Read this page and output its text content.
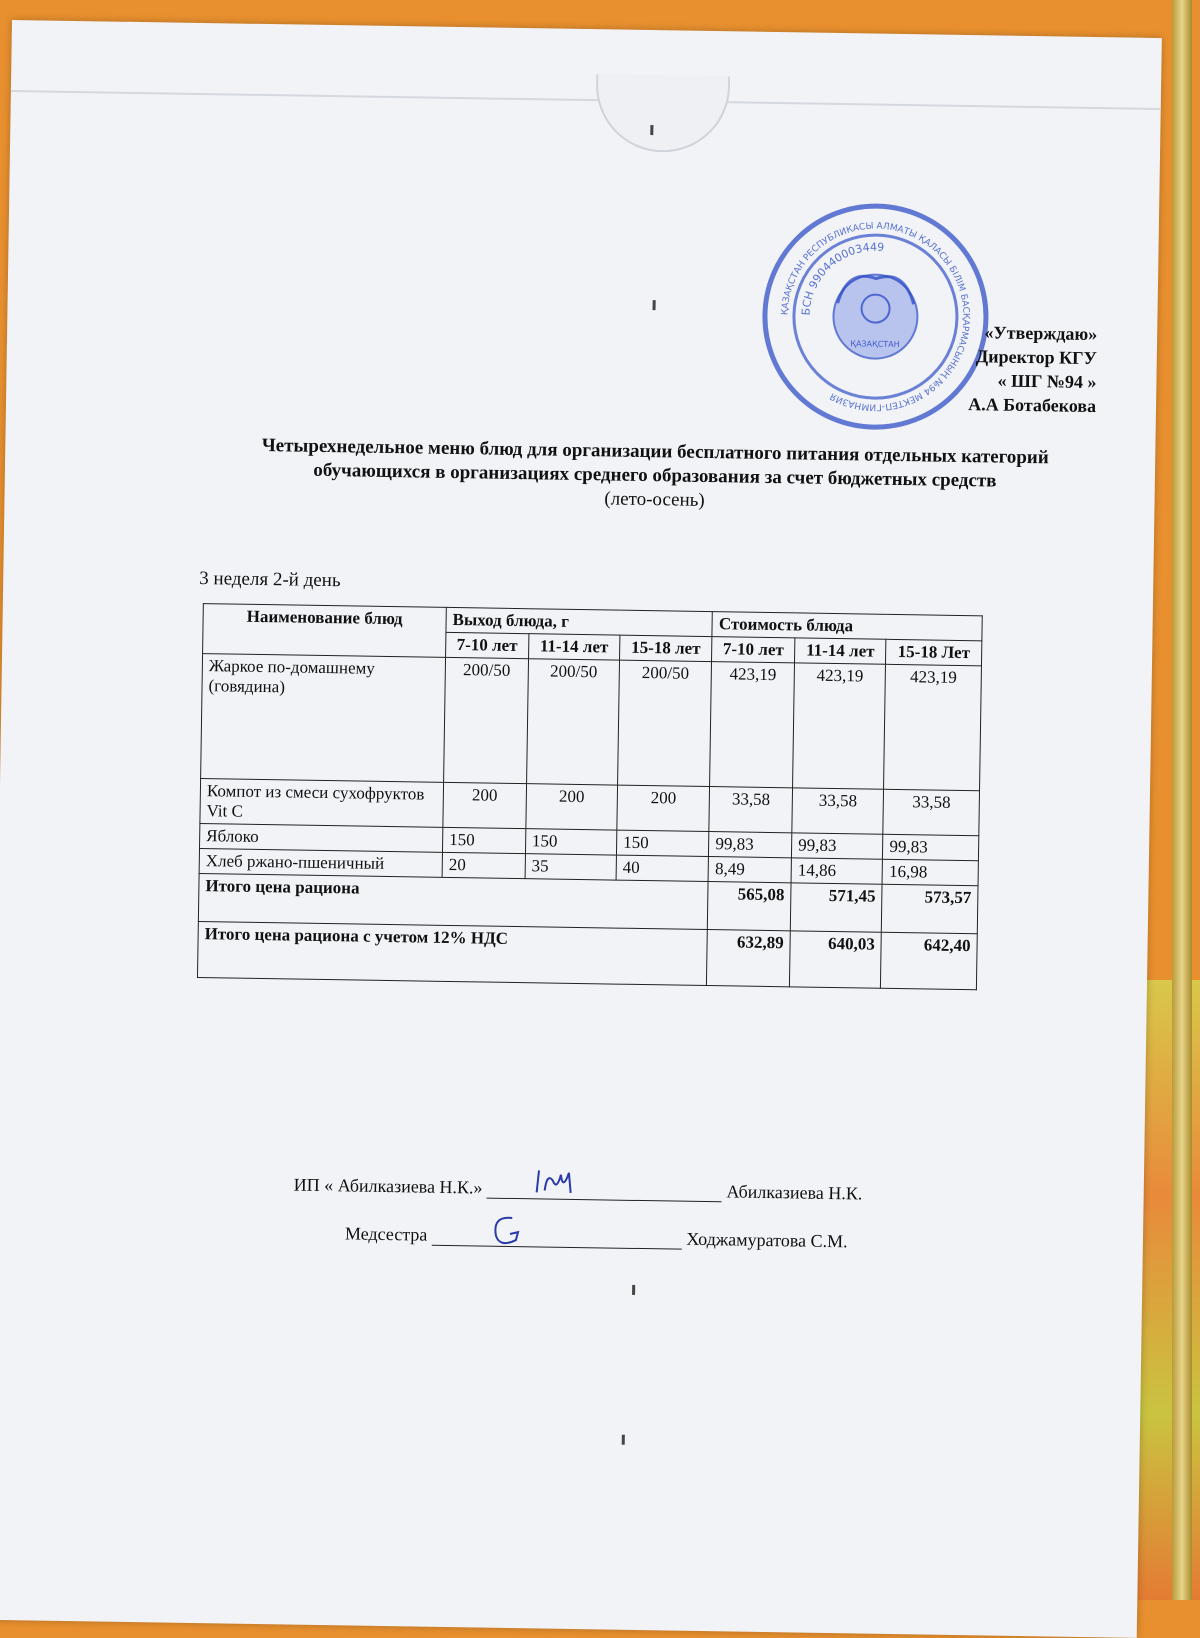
ҚАЗАҚСТАН РЕСПУБЛИКАСЫ АЛМАТЫ ҚАЛАСЫ БІЛІМ БАСҚАРМАСЫНЫҢ №94 МЕКТЕП-ГИМНАЗИЯ
БСН 990440003449
ҚАЗАҚСТАН
«Утверждаю»
Директор КГУ
« ШГ №94 »
А.А Ботабекова
Четырехнедельное меню блюд для организации бесплатного питания отдельных категорий обучающихся в организациях среднего образования за счет бюджетных средств
(лето-осень)
3 неделя 2-й день
Наименование блюд	Выход блюда, г			Стоимость блюда		
	7-10 лет	11-14 лет	15-18 лет	7-10 лет	11-14 лет	15-18 Лет
Жаркое по-домашнему (говядина)	200/50	200/50	200/50	423,19	423,19	423,19
Компот из смеси сухофруктов Vit C	200	200	200	33,58	33,58	33,58
Яблоко	150	150	150	99,83	99,83	99,83
Хлеб ржано-пшеничный	20	35	40	8,49	14,86	16,98
Итого цена рациона				565,08	571,45	573,57
Итого цена рациона с учетом 12% НДС				632,89	640,03	642,40
ИП « Абилказиева Н.К.»	Абилказиева Н.К.
Медсестра	Ходжамуратова С.М.
